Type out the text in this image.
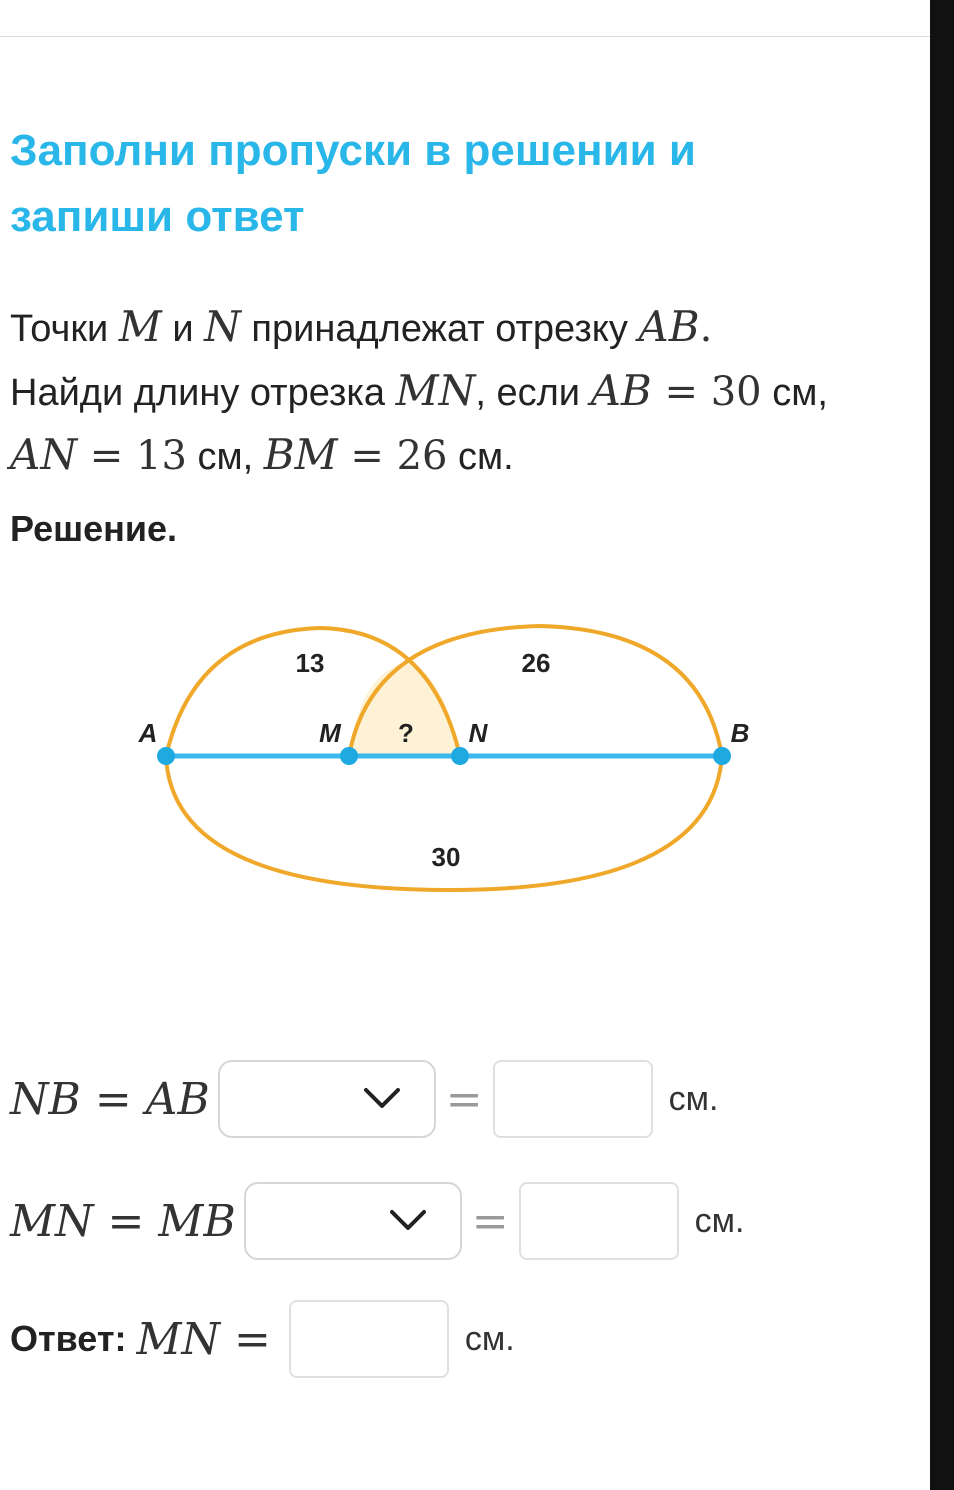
Заполни пропуски в решении и запиши ответ
Точки M и N принадлежат отрезку AB.
Найди длину отрезка MN, если AB = 30 см,
AN = 13 см, BM = 26 см.
Решение.
13	26
30
A	M ? N	B
NB = AB	=	см.
MN = MB	=	см.
Ответ: MN =	см.
